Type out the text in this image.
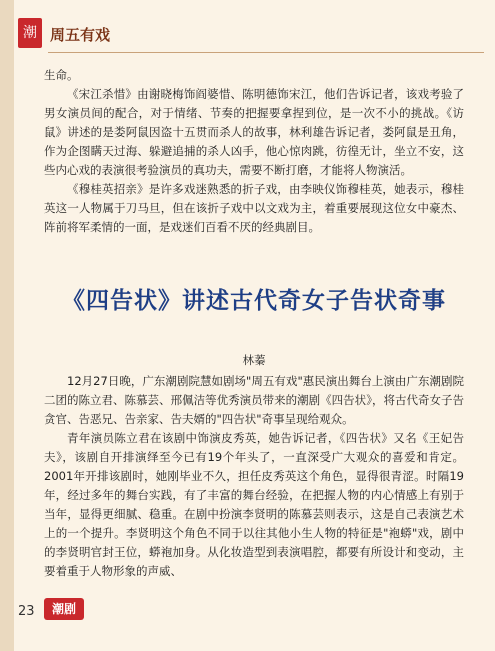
潮 周五有戏

生命。

《宋江杀惜》由谢晓梅饰阎婆惜、陈明德饰宋江，他们告诉记者，该戏考验了男女演员间的配合，对于情绪、节奏的把握要拿捏到位，是一次不小的挑战。《访鼠》讲述的是娄阿鼠因盗十五贯而杀人的故事，林利雄告诉记者，娄阿鼠是丑角，作为企图瞒天过海、躲避追捕的杀人凶手，他心惊肉跳，彷徨无计，坐立不安，这些内心戏的表演很考验演员的真功夫，需要不断打磨，才能将人物演活。

《穆桂英招亲》是许多戏迷熟悉的折子戏，由李映仪饰穆桂英，她表示，穆桂英这一人物属于刀马旦，但在该折子戏中以文戏为主，着重要展现这位女中豪杰、阵前将军柔情的一面，是戏迷们百看不厌的经典剧目。

《四告状》讲述古代奇女子告状奇事

林蓁

12月27日晚，广东潮剧院慧如剧场"周五有戏"惠民演出舞台上演由广东潮剧院二团的陈立君、陈慕芸、邢佩洁等优秀演员带来的潮剧《四告状》，将古代奇女子告贪官、告恶兄、告亲家、告夫婿的"四告状"奇事呈现给观众。

青年演员陈立君在该剧中饰演皮秀英，她告诉记者，《四告状》又名《王妃告夫》，该剧自开排演绎至今已有19个年头了，一直深受广大观众的喜爱和肯定。2001年开排该剧时，她刚毕业不久，担任皮秀英这个角色，显得很青涩。时隔19年，经过多年的舞台实践，有了丰富的舞台经验，在把握人物的内心情感上有别于当年，显得更细腻、稳重。在剧中扮演李贤明的陈慕芸则表示，这是自己表演艺术上的一个提升。李贤明这个角色不同于以往其他小生人物的特征是"袍蟒"戏，剧中的李贤明官封王位，蟒袍加身。从化妆造型到表演唱腔，都要有所设计和变动，主要着重于人物形象的声威、

23	潮剧
